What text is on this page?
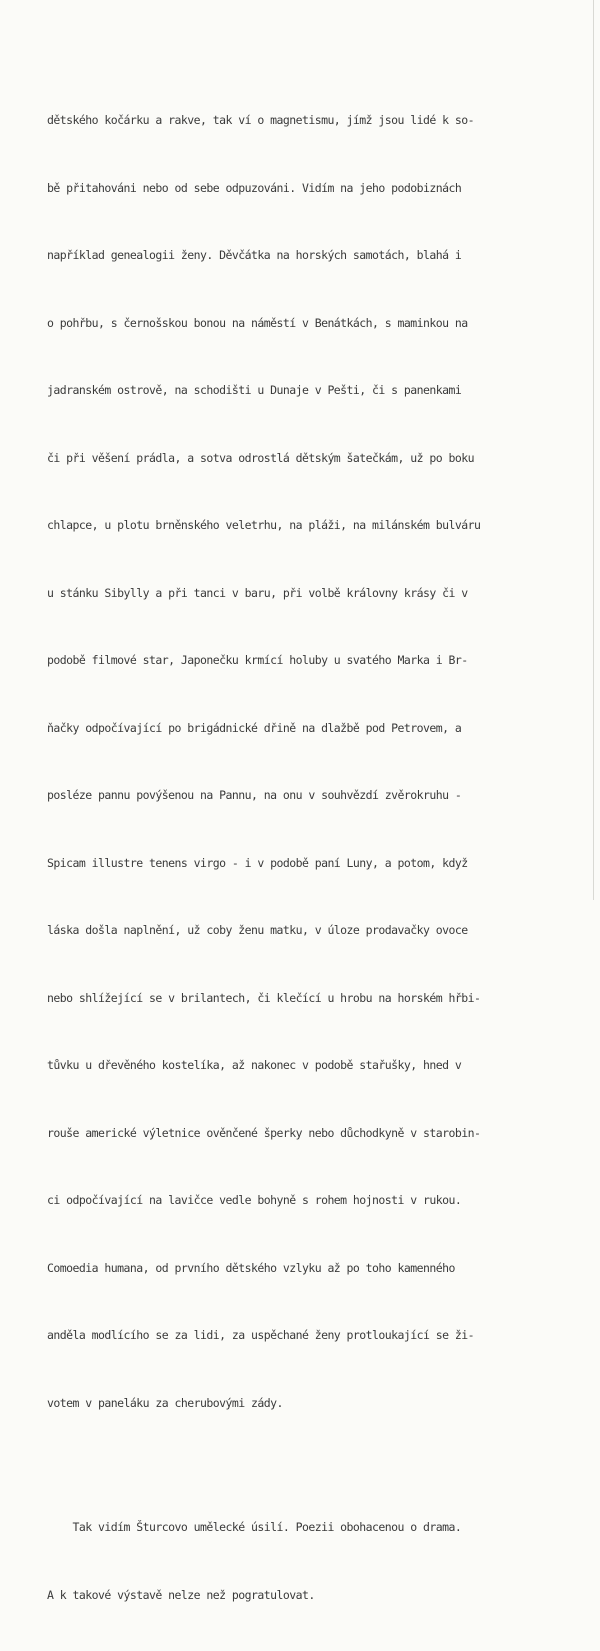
dětského kočárku a rakve, tak ví o magnetismu, jímž jsou lidé k so-

bě přitahováni nebo od sebe odpuzováni. Vidím na jeho podobiznách

například genealogii ženy. Děvčátka na horských samotách, blahá i

o pohřbu, s černošskou bonou na náměstí v Benátkách, s maminkou na

jadranském ostrově, na schodišti u Dunaje v Pešti, či s panenkami

či při věšení prádla, a sotva odrostlá dětským šatečkám, už po boku

chlapce, u plotu brněnského veletrhu, na pláži, na milánském bulváru

u stánku Sibylly a při tanci v baru, při volbě královny krásy či v

podobě filmové star, Japonečku krmící holuby u svatého Marka i Br-

ňačky odpočívající po brigádnické dřině na dlažbě pod Petrovem, a

posléze pannu povýšenou na Pannu, na onu v souhvězdí zvěrokruhu -

Spicam illustre tenens virgo - i v podobě paní Luny, a potom, když

láska došla naplnění, už coby ženu matku, v úloze prodavačky ovoce

nebo shlížející se v brilantech, či klečící u hrobu na horském hřbi-

tůvku u dřevěného kostelíka, až nakonec v podobě stařušky, hned v

rouše americké výletnice ověnčené šperky nebo důchodkyně v starobin-

ci odpočívající na lavičce vedle bohyně s rohem hojnosti v rukou.

Comoedia humana, od prvního dětského vzlyku až po toho kamenného

anděla modlícího se za lidi, za uspěchané ženy protloukající se ži-

votem v paneláku za cherubovými zády.

Tak vidím Šturcovo umělecké úsilí. Poezii obohacenou o drama.

A k takové výstavě nelze než pogratulovat.
